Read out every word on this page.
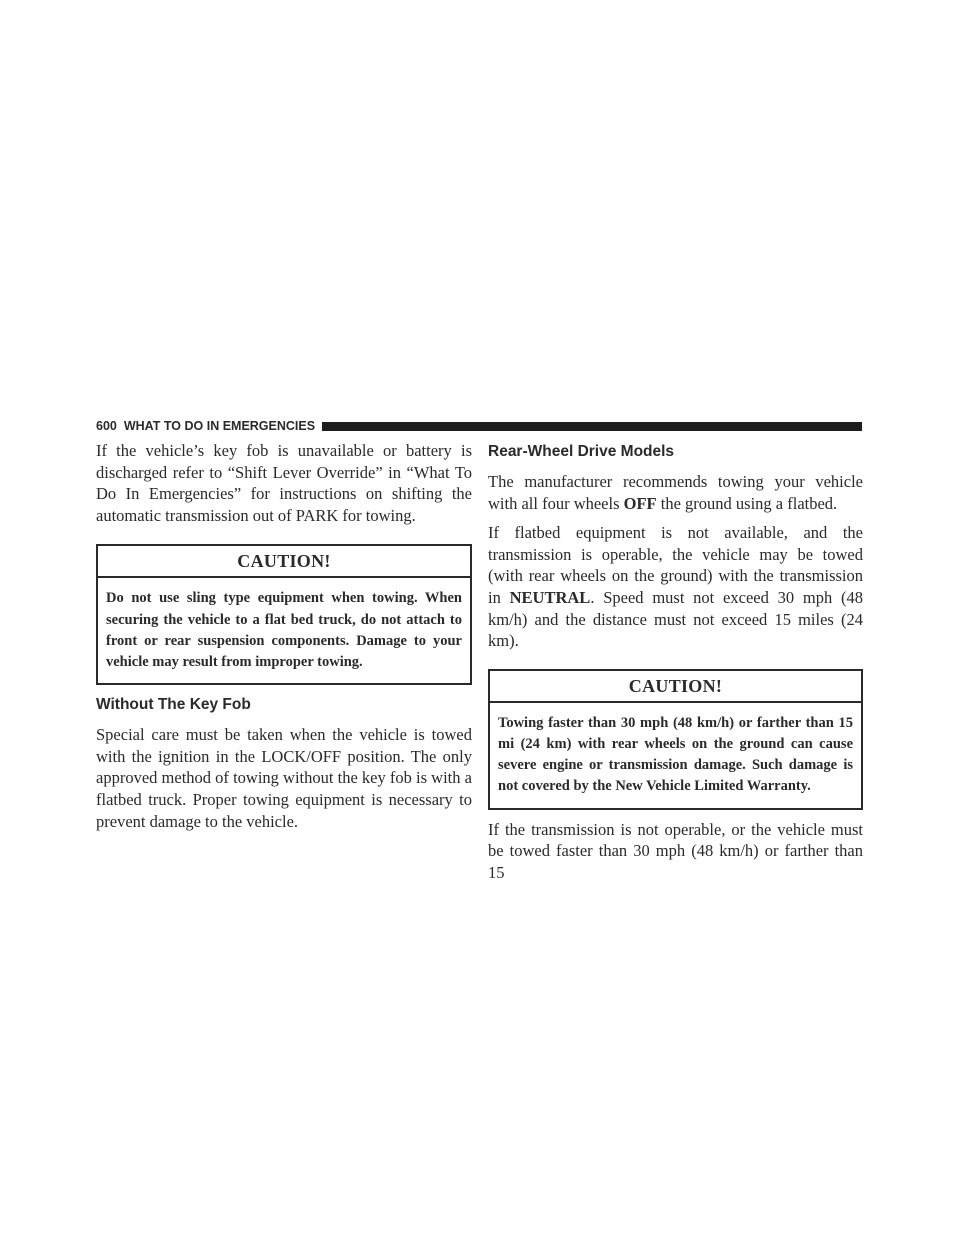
600 WHAT TO DO IN EMERGENCIES

If the vehicle’s key fob is unavailable or battery is discharged refer to “Shift Lever Override” in “What To Do In Emergencies” for instructions on shifting the automatic transmission out of PARK for towing.

CAUTION!
Do not use sling type equipment when towing. When securing the vehicle to a flat bed truck, do not attach to front or rear suspension components. Damage to your vehicle may result from improper towing.
Without The Key Fob

Special care must be taken when the vehicle is towed with the ignition in the LOCK/OFF position. The only approved method of towing without the key fob is with a flatbed truck. Proper towing equipment is necessary to prevent damage to the vehicle.

Rear-Wheel Drive Models

The manufacturer recommends towing your vehicle with all four wheels OFF the ground using a flatbed.

If flatbed equipment is not available, and the transmission is operable, the vehicle may be towed (with rear wheels on the ground) with the transmission in NEUTRAL. Speed must not exceed 30 mph (48 km/h) and the distance must not exceed 15 miles (24 km).

CAUTION!
Towing faster than 30 mph (48 km/h) or farther than 15 mi (24 km) with rear wheels on the ground can cause severe engine or transmission damage. Such damage is not covered by the New Vehicle Limited Warranty.

If the transmission is not operable, or the vehicle must be towed faster than 30 mph (48 km/h) or farther than 15
